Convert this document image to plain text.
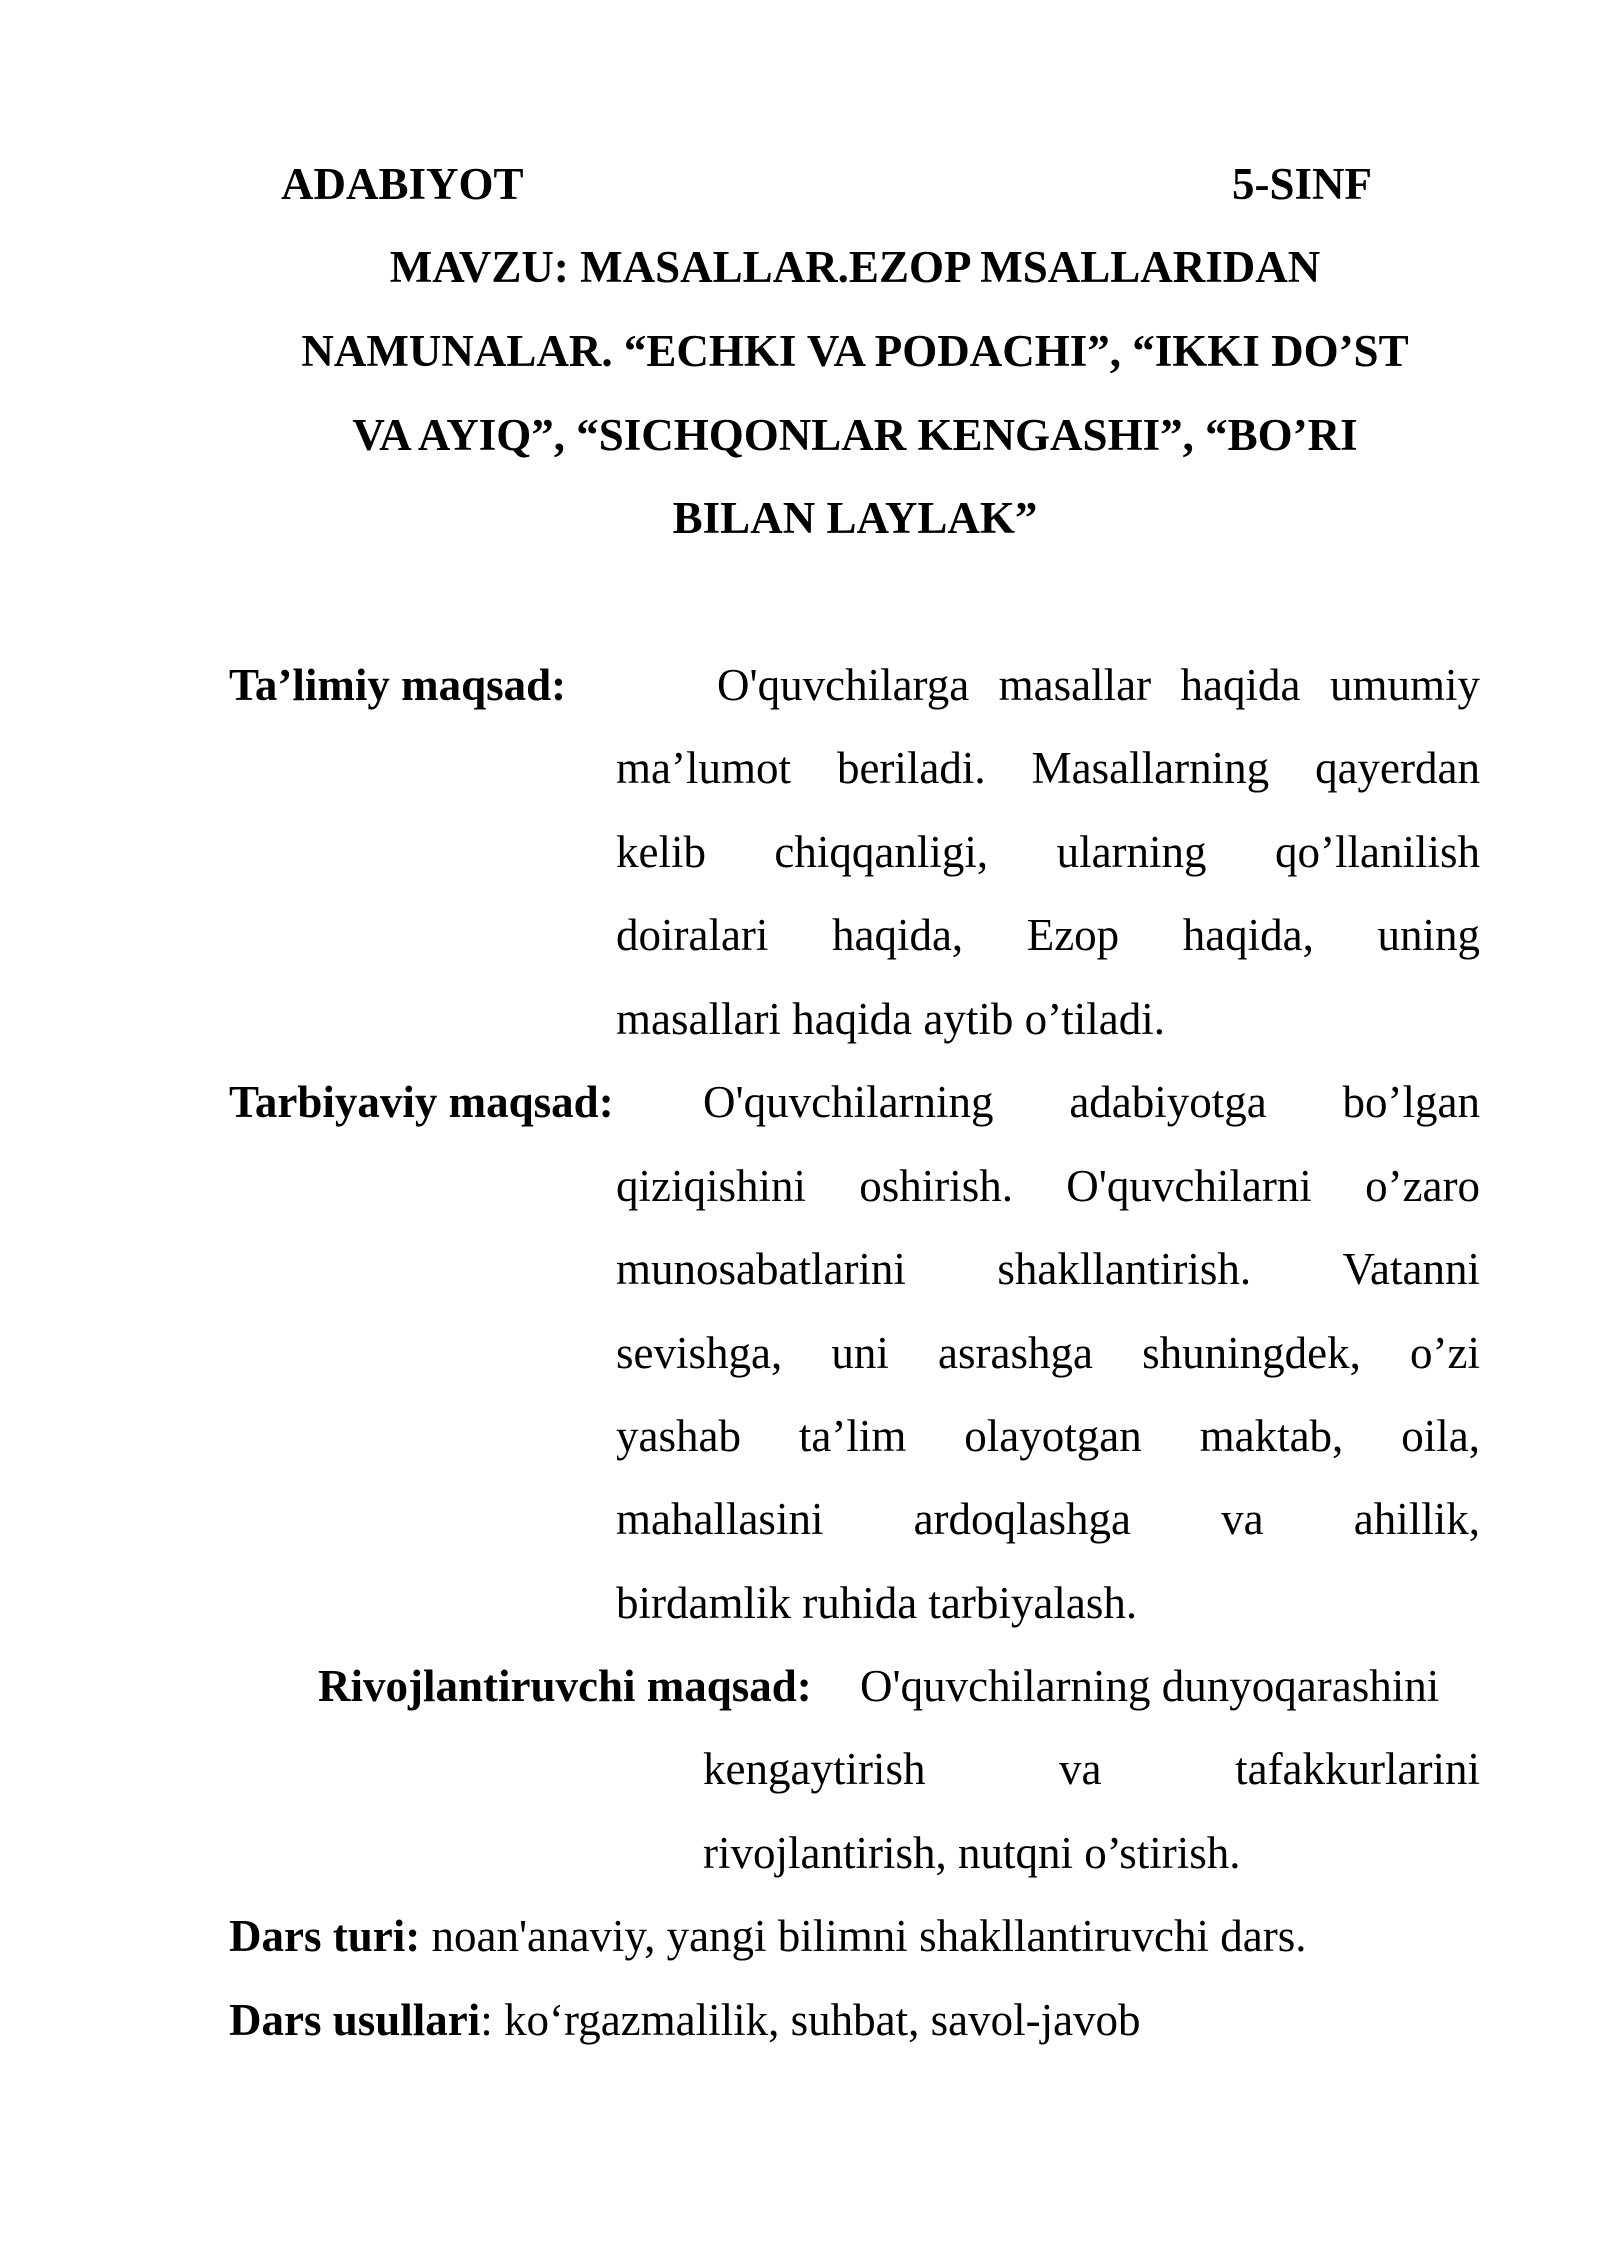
ADABIYOT	5-SINF
MAVZU: MASALLAR.EZOP MSALLARIDAN
NAMUNALAR. “ECHKI VA PODACHI”, “IKKI DO’ST
VA AYIQ”, “SICHQONLAR KENGASHI”, “BO’RI
BILAN LAYLAK”
Ta’limiy maqsad:	O'quvchilarga masallar haqida umumiy
ma’lumot beriladi. Masallarning qayerdan
kelib chiqqanligi, ularning qo’llanilish
doiralari haqida, Ezop haqida, uning
masallari haqida aytib o’tiladi.
Tarbiyaviy maqsad: O'quvchilarning adabiyotga bo’lgan
qiziqishini oshirish. O'quvchilarni o’zaro
munosabatlarini shakllantirish. Vatanni
sevishga, uni asrashga shuningdek, o’zi
yashab ta’lim olayotgan maktab, oila,
mahallasini ardoqlashga va ahillik,
birdamlik ruhida tarbiyalash.
Rivojlantiruvchi maqsad: O'quvchilarning dunyoqarashini
kengaytirish	va	tafakkurlarini
rivojlantirish, nutqni o’stirish.
Dars turi: noan'anaviy, yangi bilimni shakllantiruvchi dars.
Dars usullari: ko‘rgazmalilik, suhbat, savol-javob
